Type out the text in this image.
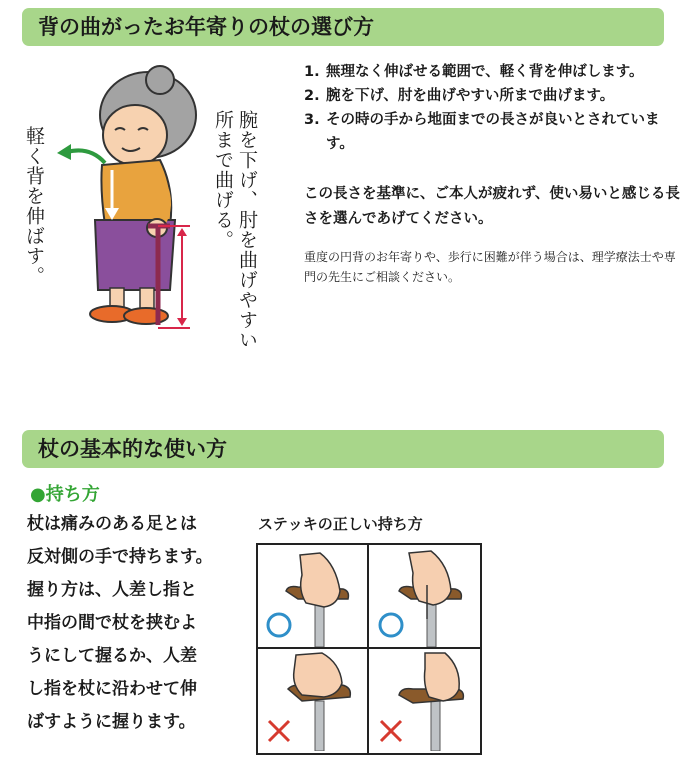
背の曲がったお年寄りの杖の選び方
軽く背を伸ばす。	腕を下げ、肘を曲げやすい所まで曲げる。
1. 無理なく伸ばせる範囲で、軽く背を伸ばします。
2. 腕を下げ、肘を曲げやすい所まで曲げます。
3. その時の手から地面までの長さが良いとされています。
この長さを基準に、ご本人が疲れず、使い易いと感じる長さを選んであげてください。
重度の円背のお年寄りや、歩行に困難が伴う場合は、理学療法士や専門の先生にご相談ください。
杖の基本的な使い方
●持ち方
杖は痛みのある足とは
反対側の手で持ちます。
握り方は、人差し指と
中指の間で杖を挟むよ
うにして握るか、人差
し指を杖に沿わせて伸
ばすように握ります。
ステッキの正しい持ち方
